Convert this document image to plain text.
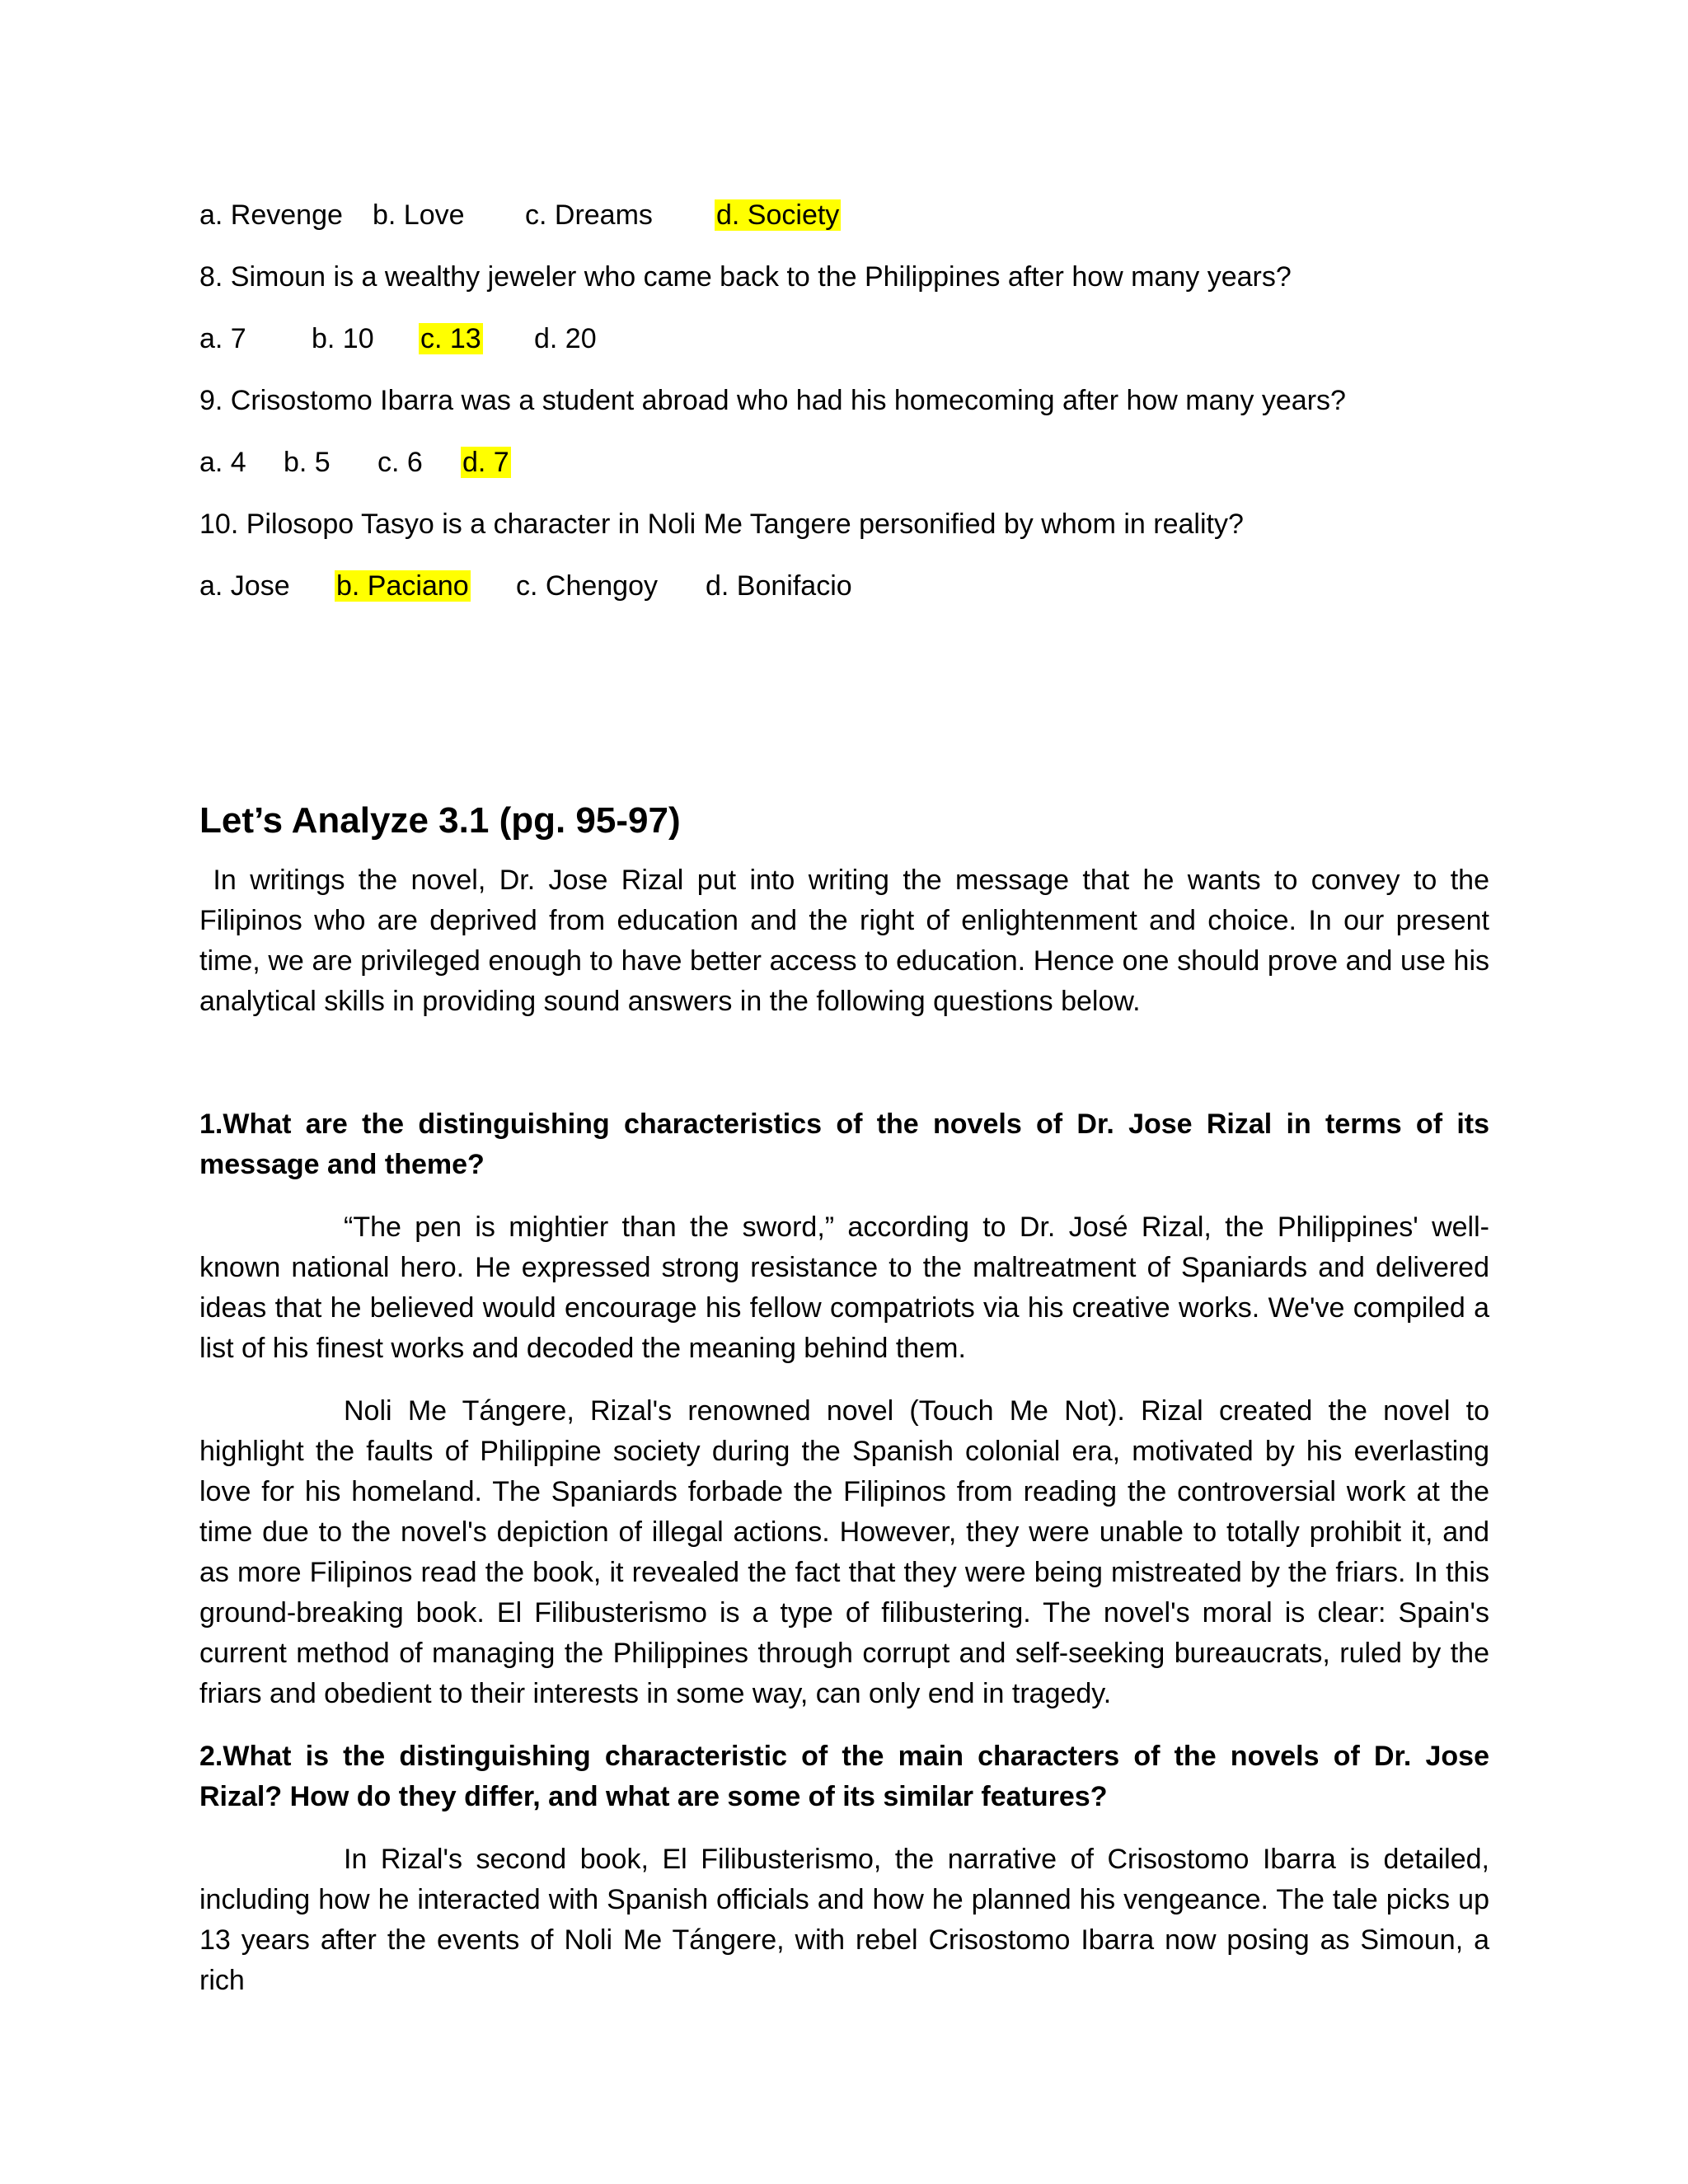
a. Revenge	b. Love	c. Dreams	d. Society

8. Simoun is a wealthy jeweler who came back to the Philippines after how many years?

a. 7	b. 10	c. 13	d. 20

9. Crisostomo Ibarra was a student abroad who had his homecoming after how many years?

a. 4	b. 5	c. 6	d. 7

10. Pilosopo Tasyo is a character in Noli Me Tangere personified by whom in reality?

a. Jose	b. Paciano	c. Chengoy	d. Bonifacio
Let’s Analyze 3.1 (pg. 95-97)

In writings the novel, Dr. Jose Rizal put into writing the message that he wants to convey to the Filipinos who are deprived from education and the right of enlightenment and choice. In our present time, we are privileged enough to have better access to education. Hence one should prove and use his analytical skills in providing sound answers in the following questions below.

1.What are the distinguishing characteristics of the novels of Dr. Jose Rizal in terms of its message and theme?

“The pen is mightier than the sword,” according to Dr. José Rizal, the Philippines' well-known national hero. He expressed strong resistance to the maltreatment of Spaniards and delivered ideas that he believed would encourage his fellow compatriots via his creative works. We've compiled a list of his finest works and decoded the meaning behind them.

Noli Me Tángere, Rizal's renowned novel (Touch Me Not). Rizal created the novel to highlight the faults of Philippine society during the Spanish colonial era, motivated by his everlasting love for his homeland. The Spaniards forbade the Filipinos from reading the controversial work at the time due to the novel's depiction of illegal actions. However, they were unable to totally prohibit it, and as more Filipinos read the book, it revealed the fact that they were being mistreated by the friars. In this ground-breaking book. El Filibusterismo is a type of filibustering. The novel's moral is clear: Spain's current method of managing the Philippines through corrupt and self-seeking bureaucrats, ruled by the friars and obedient to their interests in some way, can only end in tragedy.

2.What is the distinguishing characteristic of the main characters of the novels of Dr. Jose Rizal? How do they differ, and what are some of its similar features?

In Rizal's second book, El Filibusterismo, the narrative of Crisostomo Ibarra is detailed, including how he interacted with Spanish officials and how he planned his vengeance. The tale picks up 13 years after the events of Noli Me Tángere, with rebel Crisostomo Ibarra now posing as Simoun, a rich
